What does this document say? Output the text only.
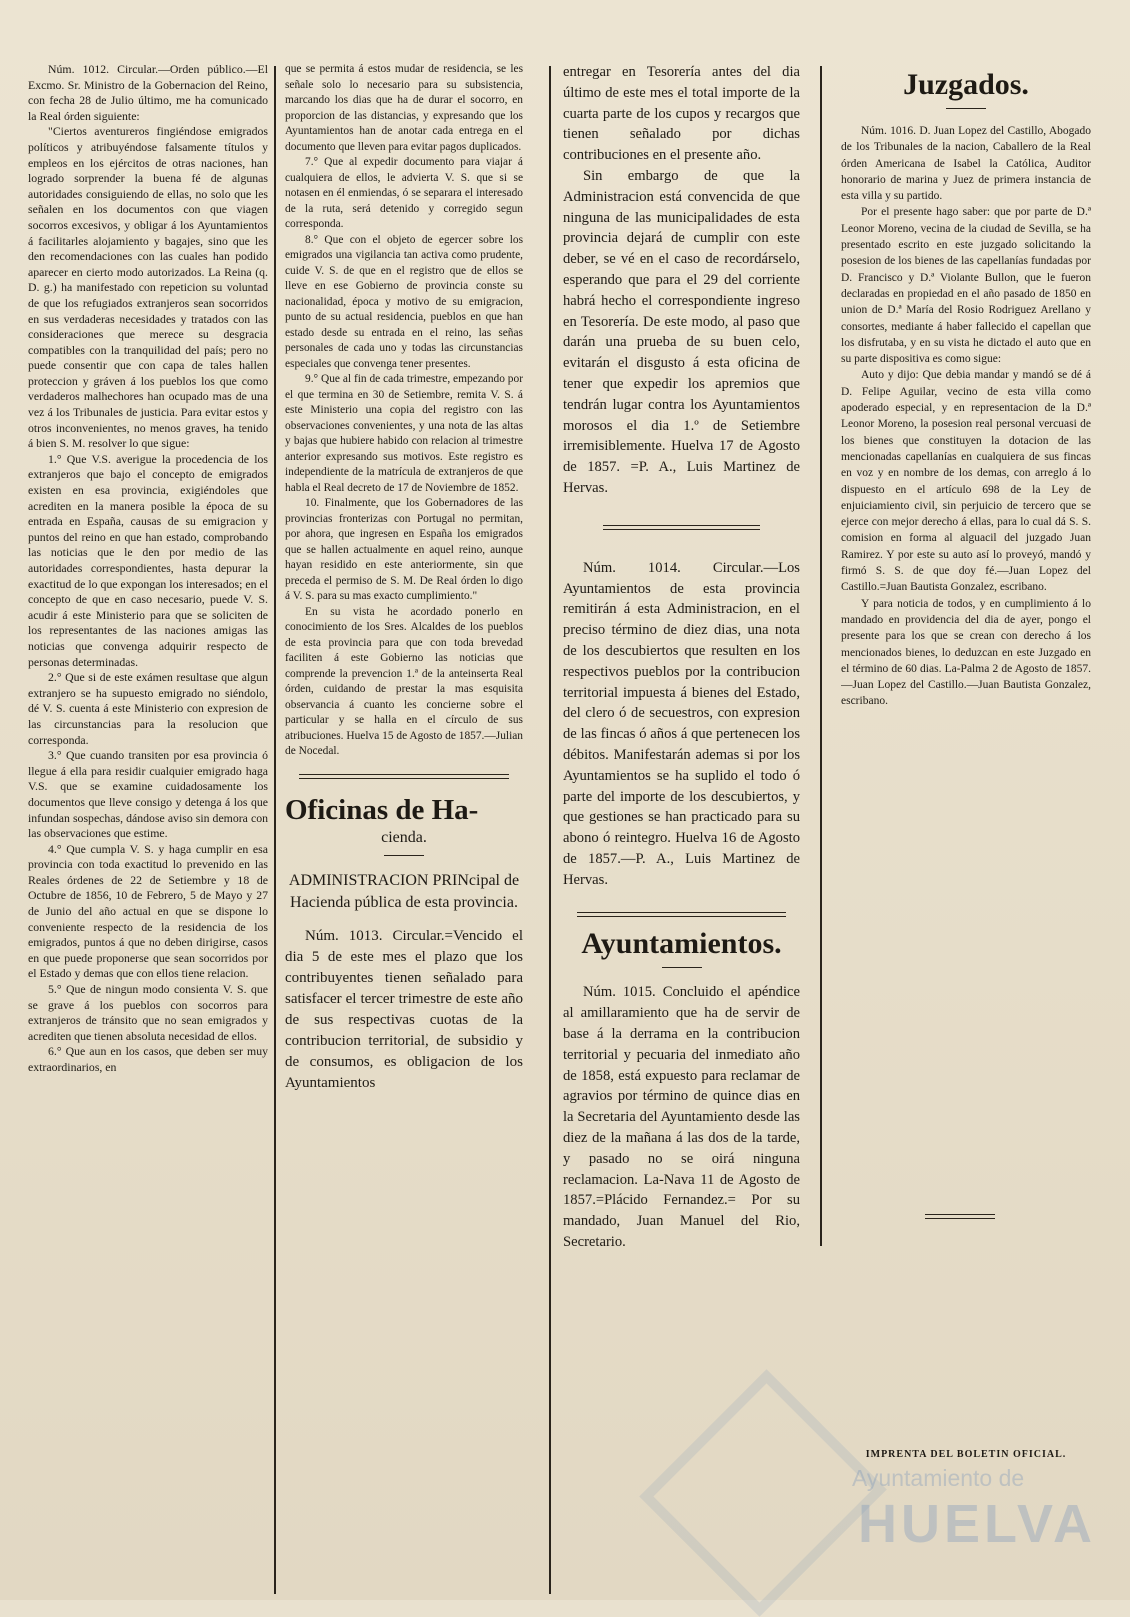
Núm. 1012. Circular.—Orden público.—El Excmo. Sr. Ministro de la Gobernacion del Reino, con fecha 28 de Julio último, me ha comunicado la Real órden siguiente:

"Ciertos aventureros fingiéndose emigrados políticos y atribuyéndose falsamente títulos y empleos en los ejércitos de otras naciones, han logrado sorprender la buena fé de algunas autoridades consiguiendo de ellas, no solo que les señalen en los documentos con que viagen socorros excesivos, y obligar á los Ayuntamientos á facilitarles alojamiento y bagajes, sino que les den recomendaciones con las cuales han podido aparecer en cierto modo autorizados. La Reina (q. D. g.) ha manifestado con repeticion su voluntad de que los refugiados extranjeros sean socorridos en sus verdaderas necesidades y tratados con las consideraciones que merece su desgracia compatibles con la tranquilidad del país; pero no puede consentir que con capa de tales hallen proteccion y gráven á los pueblos los que como verdaderos malhechores han ocupado mas de una vez á los Tribunales de justicia. Para evitar estos y otros inconvenientes, no menos graves, ha tenido á bien S. M. resolver lo que sigue:

1.° Que V.S. averigue la procedencia de los extranjeros que bajo el concepto de emigrados existen en esa provincia, exigiéndoles que acrediten en la manera posible la época de su entrada en España, causas de su emigracion y puntos del reino en que han estado, comprobando las noticias que le den por medio de las autoridades correspondientes, hasta depurar la exactitud de lo que expongan los interesados; en el concepto de que en caso necesario, puede V. S. acudir á este Ministerio para que se soliciten de los representantes de las naciones amigas las noticias que convenga adquirir respecto de personas determinadas.

2.° Que si de este exámen resultase que algun extranjero se ha supuesto emigrado no siéndolo, dé V. S. cuenta á este Ministerio con expresion de las circunstancias para la resolucion que corresponda.

3.° Que cuando transiten por esa provincia ó llegue á ella para residir cualquier emigrado haga V.S. que se examine cuidadosamente los documentos que lleve consigo y detenga á los que infundan sospechas, dándose aviso sin demora con las observaciones que estime.

4.° Que cumpla V. S. y haga cumplir en esa provincia con toda exactitud lo prevenido en las Reales órdenes de 22 de Setiembre y 18 de Octubre de 1856, 10 de Febrero, 5 de Mayo y 27 de Junio del año actual en que se dispone lo conveniente respecto de la residencia de los emigrados, puntos á que no deben dirigirse, casos en que puede proponerse que sean socorridos por el Estado y demas que con ellos tiene relacion.

5.° Que de ningun modo consienta V. S. que se grave á los pueblos con socorros para extranjeros de tránsito que no sean emigrados y acrediten que tienen absoluta necesidad de ellos.

6.° Que aun en los casos, que deben ser muy extraordinarios, en

que se permita á estos mudar de residencia, se les señale solo lo necesario para su subsistencia, marcando los dias que ha de durar el socorro, en proporcion de las distancias, y expresando que los Ayuntamientos han de anotar cada entrega en el documento que lleven para evitar pagos duplicados.

7.° Que al expedir documento para viajar á cualquiera de ellos, le advierta V. S. que si se notasen en él enmiendas, ó se separara el interesado de la ruta, será detenido y corregido segun corresponda.

8.° Que con el objeto de egercer sobre los emigrados una vigilancia tan activa como prudente, cuide V. S. de que en el registro que de ellos se lleve en ese Gobierno de provincia conste su nacionalidad, época y motivo de su emigracion, punto de su actual residencia, pueblos en que han estado desde su entrada en el reino, las señas personales de cada uno y todas las circunstancias especiales que convenga tener presentes.

9.° Que al fin de cada trimestre, empezando por el que termina en 30 de Setiembre, remita V. S. á este Ministerio una copia del registro con las observaciones convenientes, y una nota de las altas y bajas que hubiere habido con relacion al trimestre anterior expresando sus motivos. Este registro es independiente de la matrícula de extranjeros de que habla el Real decreto de 17 de Noviembre de 1852.

10. Finalmente, que los Gobernadores de las provincias fronterizas con Portugal no permitan, por ahora, que ingresen en España los emigrados que se hallen actualmente en aquel reino, aunque hayan residido en este anteriormente, sin que preceda el permiso de S. M. De Real órden lo digo á V. S. para su mas exacto cumplimiento."

En su vista he acordado ponerlo en conocimiento de los Sres. Alcaldes de los pueblos de esta provincia para que con toda brevedad faciliten á este Gobierno las noticias que comprende la prevencion 1.ª de la anteinserta Real órden, cuidando de prestar la mas esquisita observancia á cuanto les concierne sobre el particular y se halla en el círculo de sus atribuciones. Huelva 15 de Agosto de 1857.—Julian de Nocedal.

Oficinas de Ha-
cienda.

ADMINISTRACION PRINcipal de Hacienda pública de esta provincia.

Núm. 1013. Circular.=Vencido el dia 5 de este mes el plazo que los contribuyentes tienen señalado para satisfacer el tercer trimestre de este año de sus respectivas cuotas de la contribucion territorial, de subsidio y de consumos, es obligacion de los Ayuntamientos

entregar en Tesorería antes del dia último de este mes el total importe de la cuarta parte de los cupos y recargos que tienen señalado por dichas contribuciones en el presente año.

Sin embargo de que la Administracion está convencida de que ninguna de las municipalidades de esta provincia dejará de cumplir con este deber, se vé en el caso de recordárselo, esperando que para el 29 del corriente habrá hecho el correspondiente ingreso en Tesorería. De este modo, al paso que darán una prueba de su buen celo, evitarán el disgusto á esta oficina de tener que expedir los apremios que tendrán lugar contra los Ayuntamientos morosos el dia 1.º de Setiembre irremisiblemente. Huelva 17 de Agosto de 1857. =P. A., Luis Martinez de Hervas.

Núm. 1014. Circular.—Los Ayuntamientos de esta provincia remitirán á esta Administracion, en el preciso término de diez dias, una nota de los descubiertos que resulten en los respectivos pueblos por la contribucion territorial impuesta á bienes del Estado, del clero ó de secuestros, con expresion de las fincas ó años á que pertenecen los débitos. Manifestarán ademas si por los Ayuntamientos se ha suplido el todo ó parte del importe de los descubiertos, y que gestiones se han practicado para su abono ó reintegro. Huelva 16 de Agosto de 1857.—P. A., Luis Martinez de Hervas.

Ayuntamientos.

Núm. 1015. Concluido el apéndice al amillaramiento que ha de servir de base á la derrama en la contribucion territorial y pecuaria del inmediato año de 1858, está expuesto para reclamar de agravios por término de quince dias en la Secretaria del Ayuntamiento desde las diez de la mañana á las dos de la tarde, y pasado no se oirá ninguna reclamacion. La-Nava 11 de Agosto de 1857.=Plácido Fernandez.= Por su mandado, Juan Manuel del Rio, Secretario.

Juzgados.

Núm. 1016. D. Juan Lopez del Castillo, Abogado de los Tribunales de la nacion, Caballero de la Real órden Americana de Isabel la Católica, Auditor honorario de marina y Juez de primera instancia de esta villa y su partido.

Por el presente hago saber: que por parte de D.ª Leonor Moreno, vecina de la ciudad de Sevilla, se ha presentado escrito en este juzgado solicitando la posesion de los bienes de las capellanías fundadas por D. Francisco y D.ª Violante Bullon, que le fueron declaradas en propiedad en el año pasado de 1850 en union de D.ª María del Rosio Rodriguez Arellano y consortes, mediante á haber fallecido el capellan que los disfrutaba, y en su vista he dictado el auto que en su parte dispositiva es como sigue:

Auto y dijo: Que debia mandar y mandó se dé á D. Felipe Aguilar, vecino de esta villa como apoderado especial, y en representacion de la D.ª Leonor Moreno, la posesion real personal vercuasi de los bienes que constituyen la dotacion de las mencionadas capellanías en cualquiera de sus fincas en voz y en nombre de los demas, con arreglo á lo dispuesto en el artículo 698 de la Ley de enjuiciamiento civil, sin perjuicio de tercero que se ejerce con mejor derecho á ellas, para lo cual dá S. S. comision en forma al alguacil del juzgado Juan Ramirez. Y por este su auto así lo proveyó, mandó y firmó S. S. de que doy fé.—Juan Lopez del Castillo.=Juan Bautista Gonzalez, escribano.

Y para noticia de todos, y en cumplimiento á lo mandado en providencia del dia de ayer, pongo el presente para los que se crean con derecho á los mencionados bienes, lo deduzcan en este Juzgado en el término de 60 dias. La-Palma 2 de Agosto de 1857.—Juan Lopez del Castillo.—Juan Bautista Gonzalez, escribano.

IMPRENTA DEL BOLETIN OFICIAL.
Ayuntamiento de
HUELVA
